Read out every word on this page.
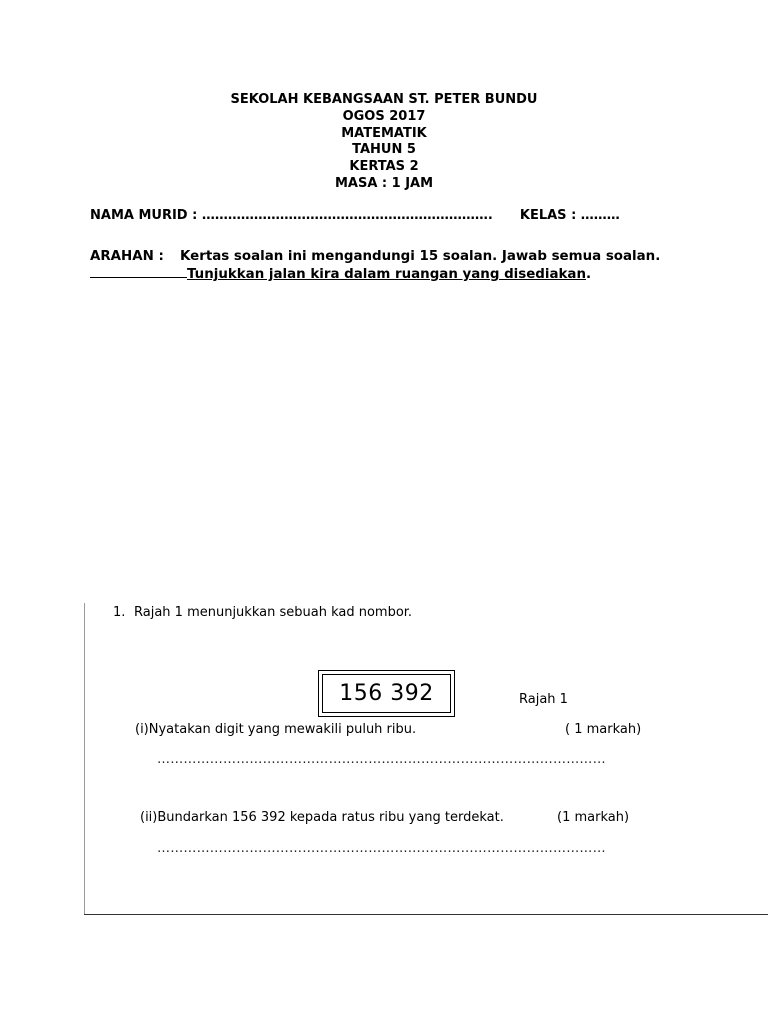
SEKOLAH KEBANGSAAN ST. PETER BUNDU
OGOS 2017
MATEMATIK
TAHUN 5
KERTAS 2
MASA : 1 JAM
NAMA MURID : …………………………………………………………. KELAS : ………
ARAHAN : Kertas soalan ini mengandungi 15 soalan. Jawab semua soalan.
Tunjukkan jalan kira dalam ruangan yang disediakan.
1. Rajah 1 menunjukkan sebuah kad nombor.
156 392	Rajah 1
(i)Nyatakan digit yang mewakili puluh ribu.	( 1 markah)
…………………………………………………………………………………………
(ii)Bundarkan 156 392 kepada ratus ribu yang terdekat.	(1 markah)
…………………………………………………………………………………………
